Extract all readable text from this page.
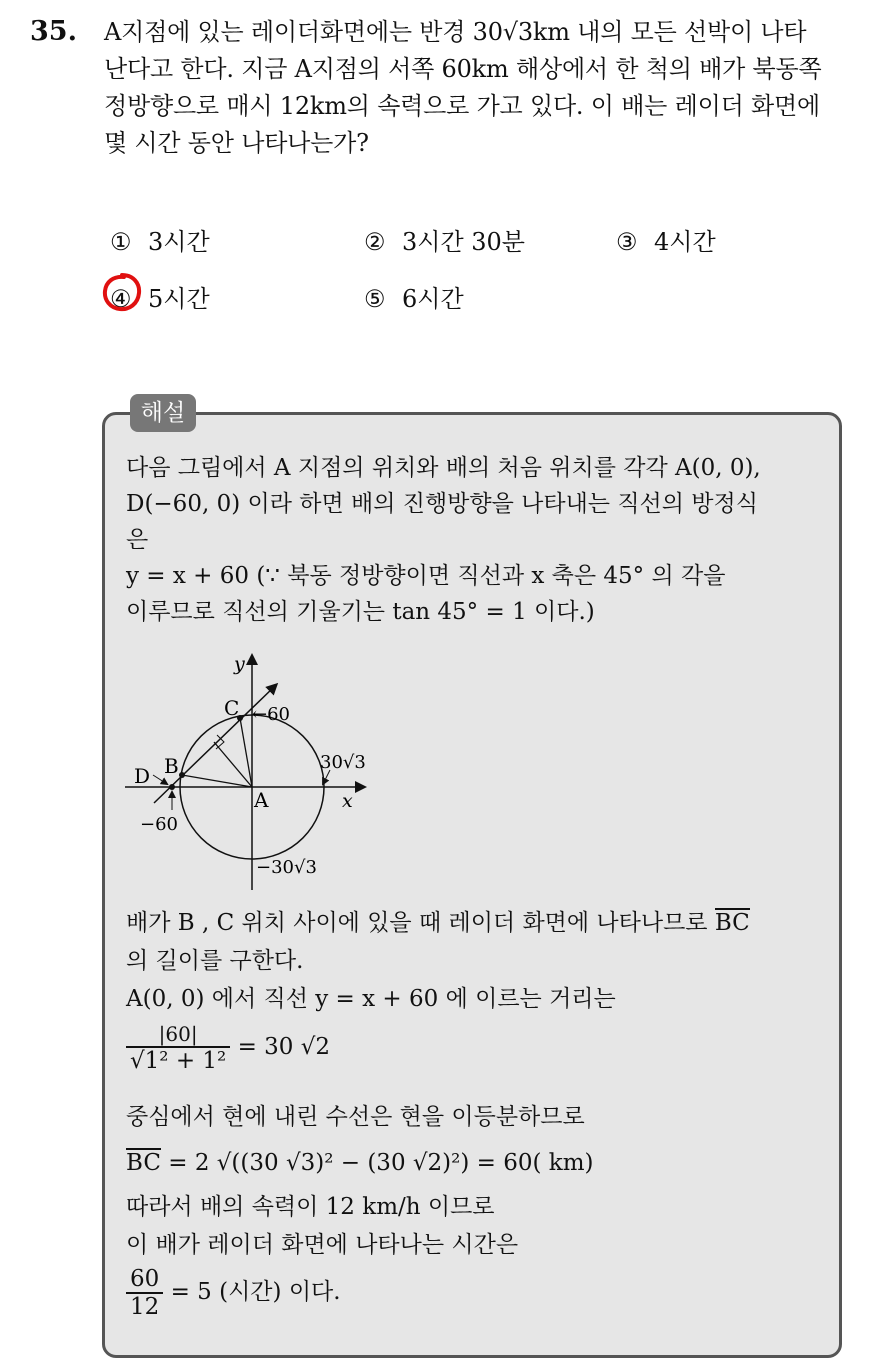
35. A지점에 있는 레이더화면에는 반경 30√3km 내의 모든 선박이 나타
난다고 한다. 지금 A지점의 서쪽 60km 해상에서 한 척의 배가 북동쪽
정방향으로 매시 12km의 속력으로 가고 있다. 이 배는 레이더 화면에
몇 시간 동안 나타나는가?
① 3시간	② 3시간 30분	③ 4시간
④ 5시간	⑤ 6시간
해설
다음 그림에서 A 지점의 위치와 배의 처음 위치를 각각 A(0, 0),
D(−60, 0) 이라 하면 배의 진행방향을 나타내는 직선의 방정식
은
y = x + 60 (∵ 북동 정방향이면 직선과 x 축은 45° 의 각을
이루므로 직선의 기울기는 tan 45° = 1 이다.)
y
x
C ←60
B
D
A
30√3
−60
−30√3
배가 B , C 위치 사이에 있을 때 레이더 화면에 나타나므로 BC
의 길이를 구한다.
A(0, 0) 에서 직선 y = x + 60 에 이르는 거리는
$\frac{|60|}{\text{√1² + 1²}} = 30$ √2
중심에서 현에 내린 수선은 현을 이등분하므로
BC = 2 √((30 √3)² − (30 √2)²) = 60( km)
따라서 배의 속력이 12 km/h 이므로
이 배가 레이더 화면에 나타나는 시간은
$\frac{60}{12} = 5$ (시간) 이다.
